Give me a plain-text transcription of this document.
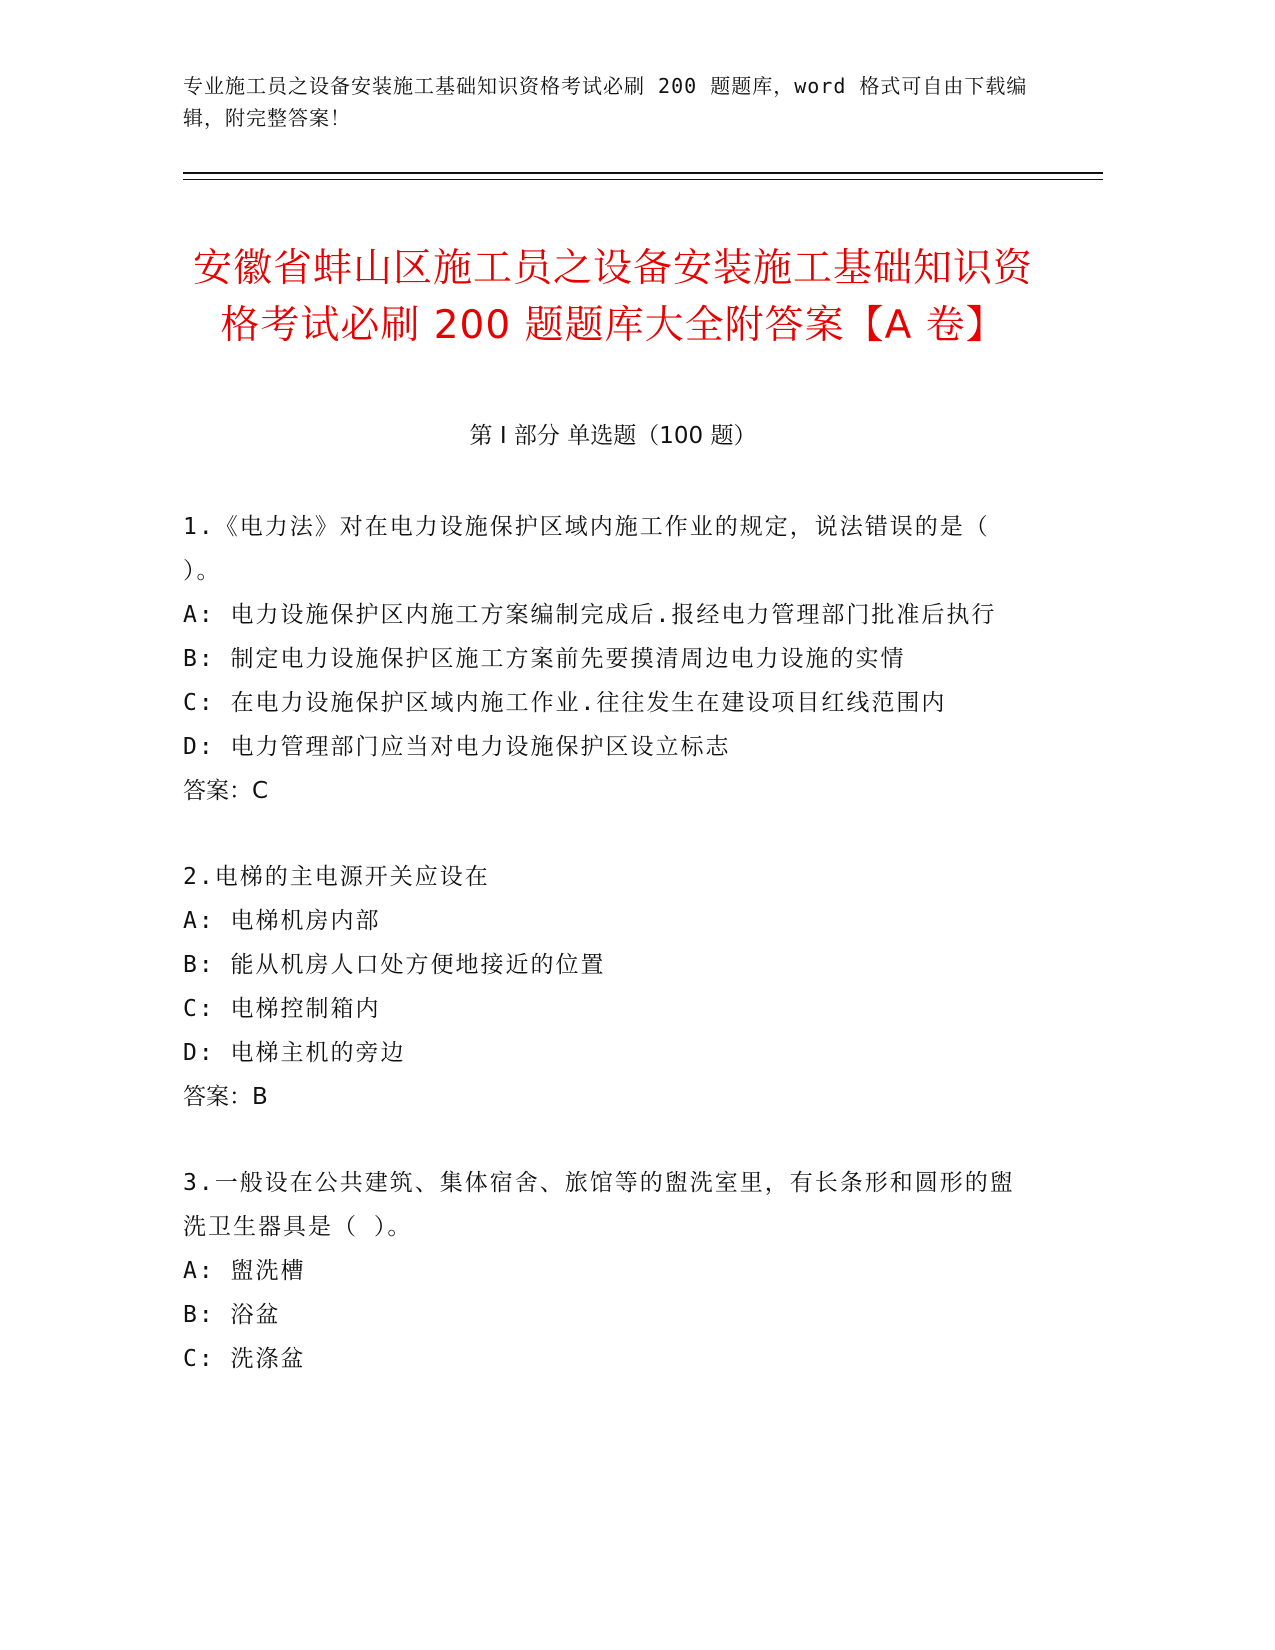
专业施工员之设备安装施工基础知识资格考试必刷 200 题题库，word 格式可自由下载编辑，附完整答案！
安徽省蚌山区施工员之设备安装施工基础知识资格考试必刷 200 题题库大全附答案【A 卷】
第 I 部分 单选题（100 题）
1.《电力法》对在电力设施保护区域内施工作业的规定，说法错误的是（ ）。
A: 电力设施保护区内施工方案编制完成后.报经电力管理部门批准后执行
B: 制定电力设施保护区施工方案前先要摸清周边电力设施的实情
C: 在电力设施保护区域内施工作业.往往发生在建设项目红线范围内
D: 电力管理部门应当对电力设施保护区设立标志
答案：C
2.电梯的主电源开关应设在
A: 电梯机房内部
B: 能从机房人口处方便地接近的位置
C: 电梯控制箱内
D: 电梯主机的旁边
答案：B
3.一般设在公共建筑、集体宿舍、旅馆等的盥洗室里，有长条形和圆形的盥洗卫生器具是（ ）。
A: 盥洗槽
B: 浴盆
C: 洗涤盆
